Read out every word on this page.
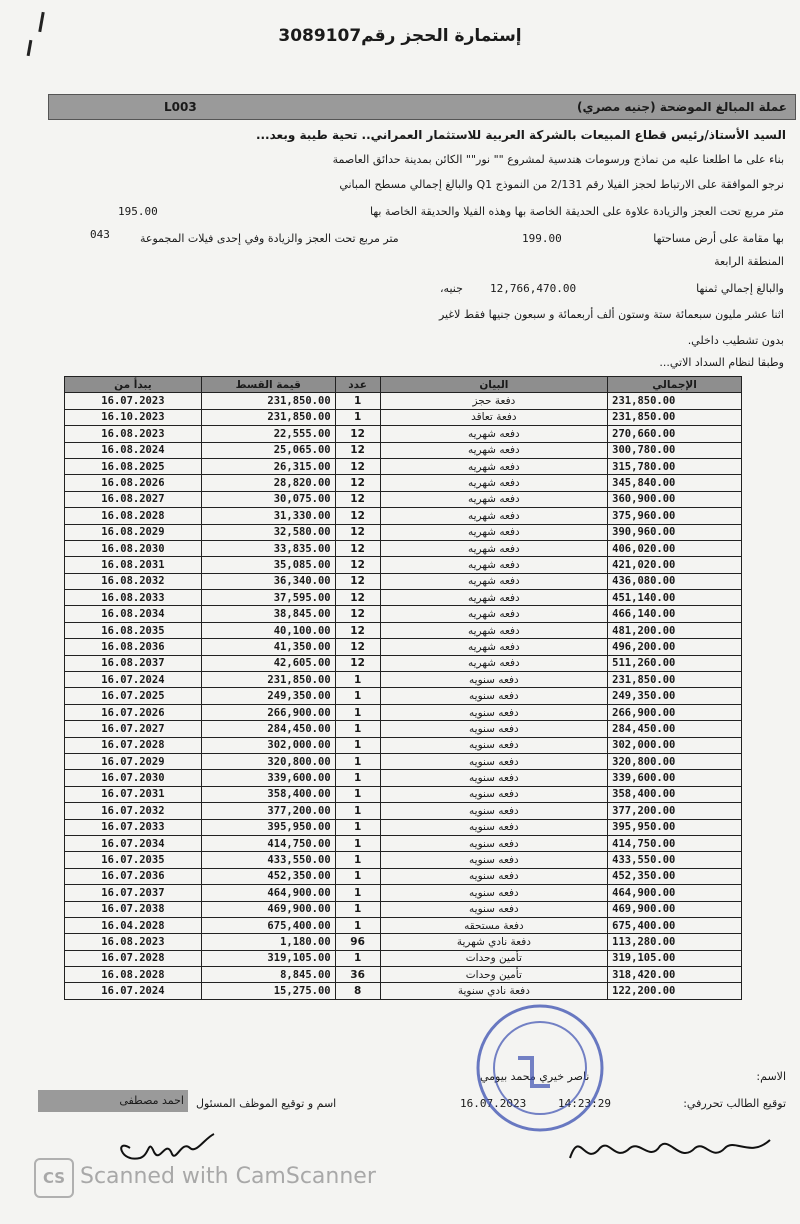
إستمارة الحجز رقم3089107
عملة المبالغ الموضحة (جنيه مصري)
L003
السيد الأستاذ/رئيس قطاع المبيعات بالشركة العربية للاستثمار العمراني.. تحية طيبة وبعد...
بناء على ما اطلعنا عليه من نماذج ورسومات هندسية لمشروع "" نور"" الكائن بمدينة حدائق العاصمة
نرجو الموافقة على الارتباط لحجز الفيلا رقم 2/131 من النموذج Q1 والبالغ إجمالي مسطح المباني
195.00	متر مربع تحت العجز والزيادة علاوة على الحديقة الخاصة بها وهذه الفيلا والحديقة الخاصة بها
043	متر مربع تحت العجز والزيادة وفي إحدى فيلات المجموعة	199.00	بها مقامة على أرض مساحتها
المنطقة الرابعة
جنيه، 12,766,470.00	والبالغ إجمالي ثمنها
اثنا عشر مليون سبعمائة ستة وستون ألف أربعمائة و سبعون جنيها فقط لاغير
بدون تشطيب داخلي.
وطبقا لنظام السداد الاتي...
يبدأ من	قيمة القسط	عدد	البيان	الإجمالي
16.07.2023	231,850.00	1	دفعة حجز	231,850.00
16.10.2023	231,850.00	1	دفعة تعاقد	231,850.00
16.08.2023	22,555.00	12	دفعه شهريه	270,660.00
16.08.2024	25,065.00	12	دفعه شهريه	300,780.00
16.08.2025	26,315.00	12	دفعه شهريه	315,780.00
16.08.2026	28,820.00	12	دفعه شهريه	345,840.00
16.08.2027	30,075.00	12	دفعه شهريه	360,900.00
16.08.2028	31,330.00	12	دفعه شهريه	375,960.00
16.08.2029	32,580.00	12	دفعه شهريه	390,960.00
16.08.2030	33,835.00	12	دفعه شهريه	406,020.00
16.08.2031	35,085.00	12	دفعه شهريه	421,020.00
16.08.2032	36,340.00	12	دفعه شهريه	436,080.00
16.08.2033	37,595.00	12	دفعه شهريه	451,140.00
16.08.2034	38,845.00	12	دفعه شهريه	466,140.00
16.08.2035	40,100.00	12	دفعه شهريه	481,200.00
16.08.2036	41,350.00	12	دفعه شهريه	496,200.00
16.08.2037	42,605.00	12	دفعه شهريه	511,260.00
16.07.2024	231,850.00	1	دفعه سنويه	231,850.00
16.07.2025	249,350.00	1	دفعه سنويه	249,350.00
16.07.2026	266,900.00	1	دفعه سنويه	266,900.00
16.07.2027	284,450.00	1	دفعه سنويه	284,450.00
16.07.2028	302,000.00	1	دفعه سنويه	302,000.00
16.07.2029	320,800.00	1	دفعه سنويه	320,800.00
16.07.2030	339,600.00	1	دفعه سنويه	339,600.00
16.07.2031	358,400.00	1	دفعه سنويه	358,400.00
16.07.2032	377,200.00	1	دفعه سنويه	377,200.00
16.07.2033	395,950.00	1	دفعه سنويه	395,950.00
16.07.2034	414,750.00	1	دفعه سنويه	414,750.00
16.07.2035	433,550.00	1	دفعه سنويه	433,550.00
16.07.2036	452,350.00	1	دفعه سنويه	452,350.00
16.07.2037	464,900.00	1	دفعه سنويه	464,900.00
16.07.2038	469,900.00	1	دفعه سنويه	469,900.00
16.04.2028	675,400.00	1	دفعة مستحقه	675,400.00
16.08.2023	1,180.00	96	دفعة نادي شهرية	113,280.00
16.07.2028	319,105.00	1	تأمين وحدات	319,105.00
16.08.2028	8,845.00	36	تأمين وحدات	318,420.00
16.07.2024	15,275.00	8	دفعة نادي سنوية	122,200.00
ناصر خيري محمد بيومي	الاسم:
احمد مصطفى اسم و توقيع الموظف المسئول	16.07.2023	14:23:29	توقيع الطالب تحررفي:
CS Scanned with CamScanner
